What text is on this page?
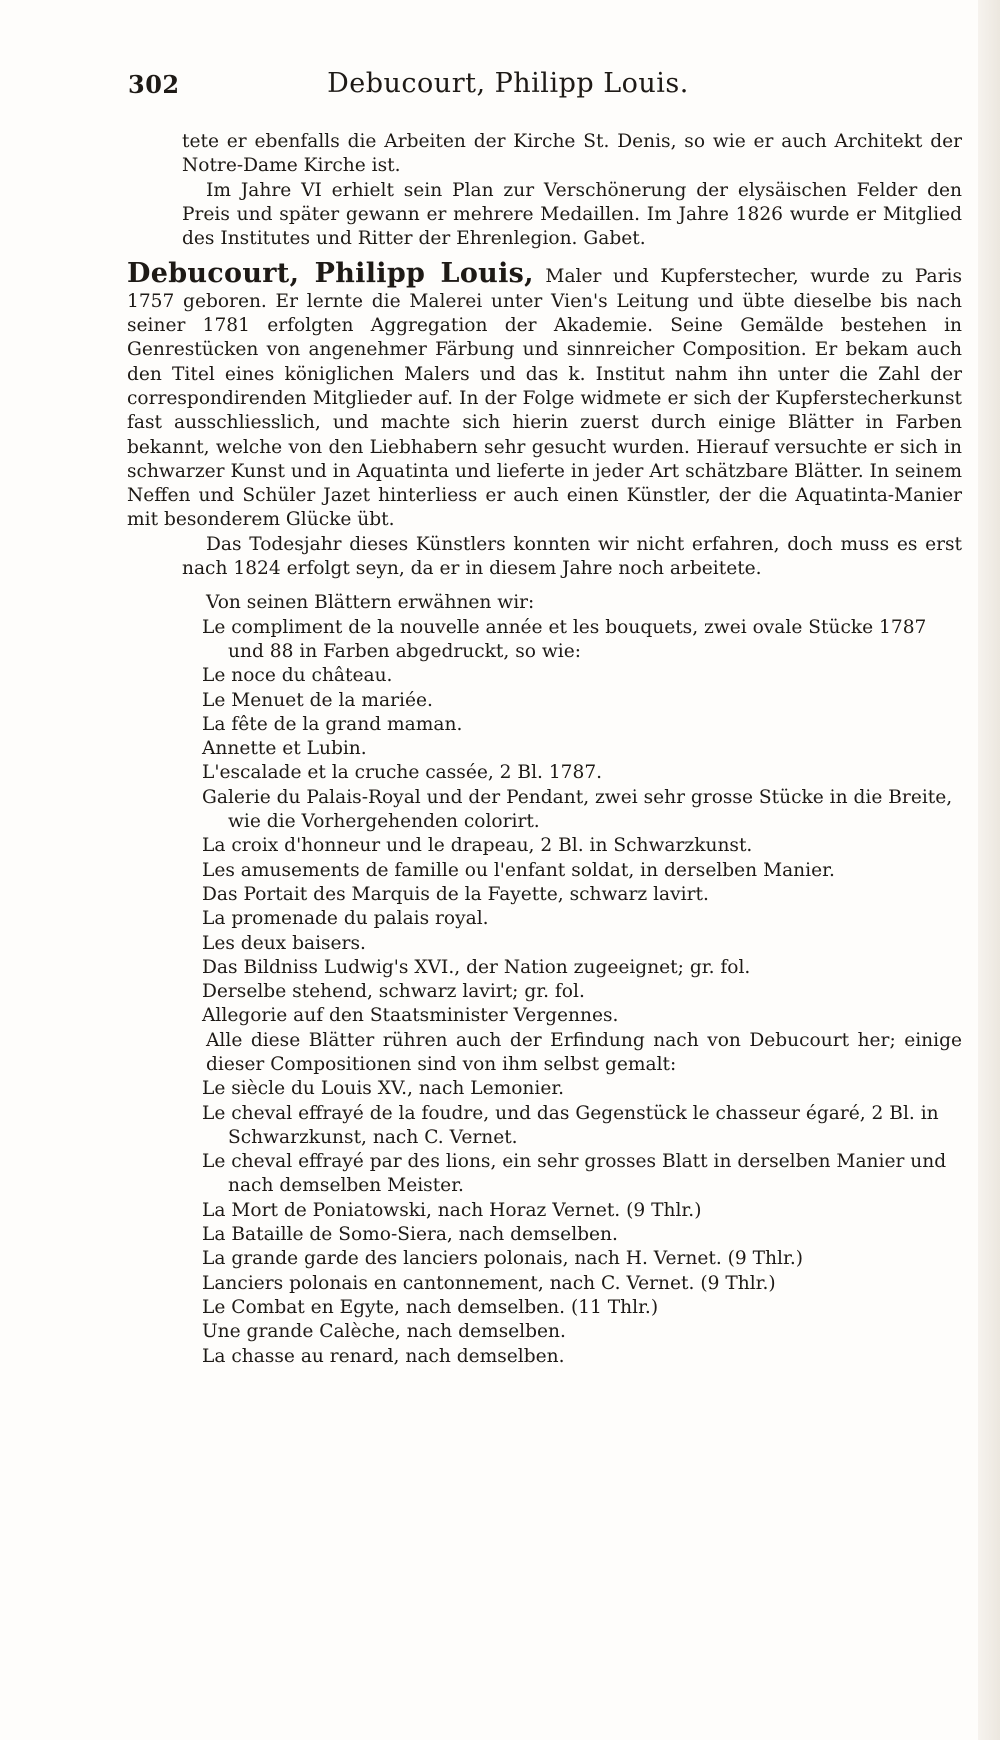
302	Debucourt, Philipp Louis.

tete er ebenfalls die Arbeiten der Kirche St. Denis, so wie er auch Architekt der Notre-Dame Kirche ist.

Im Jahre VI erhielt sein Plan zur Verschönerung der elysäischen Felder den Preis und später gewann er mehrere Medaillen. Im Jahre 1826 wurde er Mitglied des Institutes und Ritter der Ehrenlegion. Gabet.

Debucourt, Philipp Louis, Maler und Kupferstecher, wurde zu Paris 1757 geboren. Er lernte die Malerei unter Vien's Leitung und übte dieselbe bis nach seiner 1781 erfolgten Aggregation der Akademie. Seine Gemälde bestehen in Genrestücken von angenehmer Färbung und sinnreicher Composition. Er bekam auch den Titel eines königlichen Malers und das k. Institut nahm ihn unter die Zahl der correspondirenden Mitglieder auf. In der Folge widmete er sich der Kupferstecherkunst fast ausschliesslich, und machte sich hierin zuerst durch einige Blätter in Farben bekannt, welche von den Liebhabern sehr gesucht wurden. Hierauf versuchte er sich in schwarzer Kunst und in Aquatinta und lieferte in jeder Art schätzbare Blätter. In seinem Neffen und Schüler Jazet hinterliess er auch einen Künstler, der die Aquatinta-Manier mit besonderem Glücke übt.

Das Todesjahr dieses Künstlers konnten wir nicht erfahren, doch muss es erst nach 1824 erfolgt seyn, da er in diesem Jahre noch arbeitete.

Von seinen Blättern erwähnen wir:

Le compliment de la nouvelle année et les bouquets, zwei ovale Stücke 1787 und 88 in Farben abgedruckt, so wie:

Le noce du château.

Le Menuet de la mariée.

La fête de la grand maman.

Annette et Lubin.

L'escalade et la cruche cassée, 2 Bl. 1787.

Galerie du Palais-Royal und der Pendant, zwei sehr grosse Stücke in die Breite, wie die Vorhergehenden colorirt.

La croix d'honneur und le drapeau, 2 Bl. in Schwarzkunst.

Les amusements de famille ou l'enfant soldat, in derselben Manier.

Das Portait des Marquis de la Fayette, schwarz lavirt.

La promenade du palais royal.

Les deux baisers.

Das Bildniss Ludwig's XVI., der Nation zugeeignet; gr. fol.

Derselbe stehend, schwarz lavirt; gr. fol.

Allegorie auf den Staatsminister Vergennes.

Alle diese Blätter rühren auch der Erfindung nach von Debucourt her; einige dieser Compositionen sind von ihm selbst gemalt:

Le siècle du Louis XV., nach Lemonier.

Le cheval effrayé de la foudre, und das Gegenstück le chasseur égaré, 2 Bl. in Schwarzkunst, nach C. Vernet.

Le cheval effrayé par des lions, ein sehr grosses Blatt in derselben Manier und nach demselben Meister.

La Mort de Poniatowski, nach Horaz Vernet. (9 Thlr.)

La Bataille de Somo-Siera, nach demselben.

La grande garde des lanciers polonais, nach H. Vernet. (9 Thlr.)

Lanciers polonais en cantonnement, nach C. Vernet. (9 Thlr.)

Le Combat en Egyte, nach demselben. (11 Thlr.)

Une grande Calèche, nach demselben.

La chasse au renard, nach demselben.
